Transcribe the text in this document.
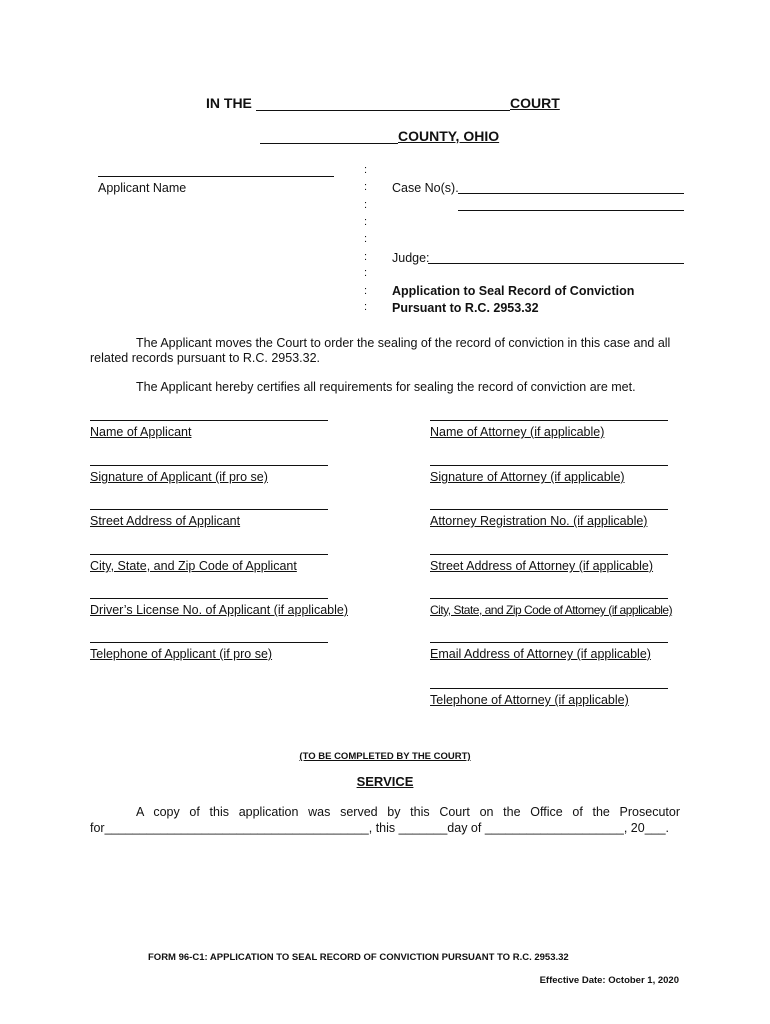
IN THE	COURT
COUNTY, OHIO
Applicant Name
:
:
:
:
:
:
:
:
:
Case No(s).
Judge:
Application to Seal Record of Conviction
Pursuant to R.C. 2953.32
The Applicant moves the Court to order the sealing of the record of conviction in this case and all related records pursuant to R.C. 2953.32.
The Applicant hereby certifies all requirements for sealing the record of conviction are met.
Name of Applicant
Signature of Applicant (if pro se)
Street Address of Applicant
City, State, and Zip Code of Applicant
Driver’s License No. of Applicant (if applicable)
Telephone of Applicant (if pro se)
Name of Attorney (if applicable)
Signature of Attorney (if applicable)
Attorney Registration No. (if applicable)
Street Address of Attorney (if applicable)
City, State, and Zip Code of Attorney (if applicable)
Email Address of Attorney (if applicable)
Telephone of Attorney (if applicable)
(TO BE COMPLETED BY THE COURT)
SERVICE
A copy of this application was served by this Court on the Office of the Prosecutor
for______________________________________, this _______day of ____________________, 20___.
FORM 96-C1: APPLICATION TO SEAL RECORD OF CONVICTION PURSUANT TO R.C. 2953.32
Effective Date: October 1, 2020
